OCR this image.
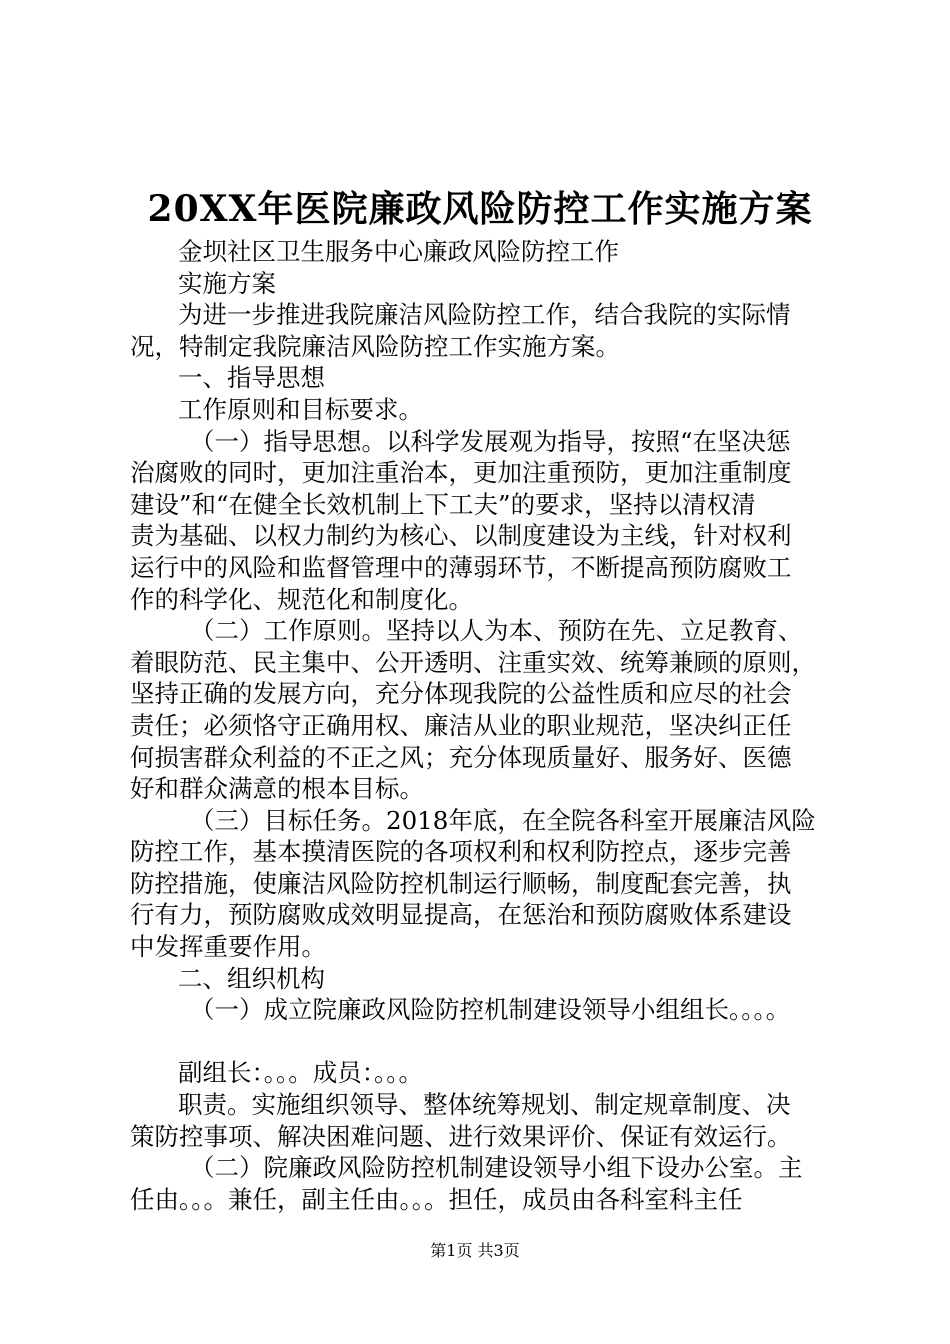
20XX年医院廉政风险防控工作实施方案
金坝社区卫生服务中心廉政风险防控工作
实施方案
为进一步推进我院廉洁风险防控工作，结合我院的实际情
况，特制定我院廉洁风险防控工作实施方案。
一、指导思想
工作原则和目标要求。
（一）指导思想。以科学发展观为指导，按照“在坚决惩
治腐败的同时，更加注重治本，更加注重预防，更加注重制度
建设”和“在健全长效机制上下工夫”的要求，坚持以清权清
责为基础、以权力制约为核心、以制度建设为主线，针对权利
运行中的风险和监督管理中的薄弱环节，不断提高预防腐败工
作的科学化、规范化和制度化。
（二）工作原则。坚持以人为本、预防在先、立足教育、
着眼防范、民主集中、公开透明、注重实效、统筹兼顾的原则，
坚持正确的发展方向，充分体现我院的公益性质和应尽的社会
责任；必须恪守正确用权、廉洁从业的职业规范，坚决纠正任
何损害群众利益的不正之风；充分体现质量好、服务好、医德
好和群众满意的根本目标。
（三）目标任务。2018年底，在全院各科室开展廉洁风险
防控工作，基本摸清医院的各项权利和权利防控点，逐步完善
防控措施，使廉洁风险防控机制运行顺畅，制度配套完善，执
行有力，预防腐败成效明显提高，在惩治和预防腐败体系建设
中发挥重要作用。
二、组织机构
（一）成立院廉政风险防控机制建设领导小组组长。。。。
副组长：。。。成员：。。。
职责。实施组织领导、整体统筹规划、制定规章制度、决
策防控事项、解决困难问题、进行效果评价、保证有效运行。
（二）院廉政风险防控机制建设领导小组下设办公室。主
任由。。。兼任，副主任由。。。担任，成员由各科室科主任
第1页 共3页
